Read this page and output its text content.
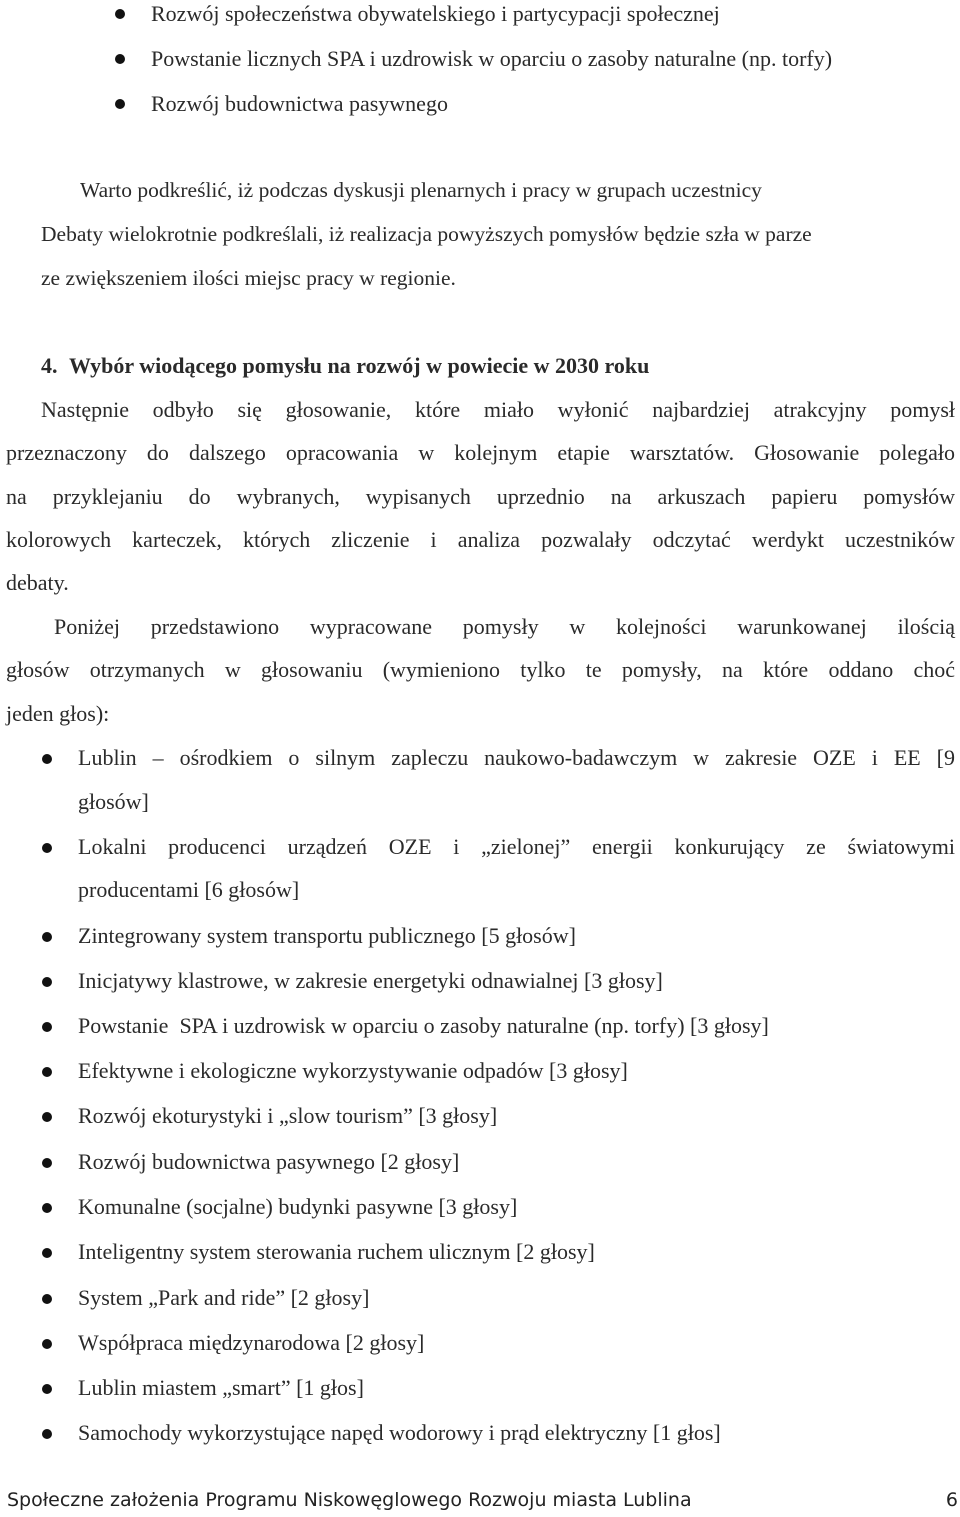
Rozwój społeczeństwa obywatelskiego i partycypacji społecznej
Powstanie licznych SPA i uzdrowisk w oparciu o zasoby naturalne (np. torfy)
Rozwój budownictwa pasywnego
Warto podkreślić, iż podczas dyskusji plenarnych i pracy w grupach uczestnicy
Debaty wielokrotnie podkreślali, iż realizacja powyższych pomysłów będzie szła w parze
ze zwiększeniem ilości miejsc pracy w regionie.
4. Wybór wiodącego pomysłu na rozwój w powiecie w 2030 roku
Następnie odbyło się głosowanie, które miało wyłonić najbardziej atrakcyjny pomysł
przeznaczony do dalszego opracowania w kolejnym etapie warsztatów. Głosowanie polegało
na przyklejaniu do wybranych, wypisanych uprzednio na arkuszach papieru pomysłów
kolorowych karteczek, których zliczenie i analiza pozwalały odczytać werdykt uczestników
debaty.
Poniżej przedstawiono wypracowane pomysły w kolejności warunkowanej ilością
głosów otrzymanych w głosowaniu (wymieniono tylko te pomysły, na które oddano choć
jeden głos):
Lublin – ośrodkiem o silnym zapleczu naukowo-badawczym w zakresie OZE i EE [9
głosów]
Lokalni producenci urządzeń OZE i „zielonej” energii konkurujący ze światowymi
producentami [6 głosów]
Zintegrowany system transportu publicznego [5 głosów]
Inicjatywy klastrowe, w zakresie energetyki odnawialnej [3 głosy]
Powstanie  SPA i uzdrowisk w oparciu o zasoby naturalne (np. torfy) [3 głosy]
Efektywne i ekologiczne wykorzystywanie odpadów [3 głosy]
Rozwój ekoturystyki i „slow tourism” [3 głosy]
Rozwój budownictwa pasywnego [2 głosy]
Komunalne (socjalne) budynki pasywne [3 głosy]
Inteligentny system sterowania ruchem ulicznym [2 głosy]
System „Park and ride” [2 głosy]
Współpraca międzynarodowa [2 głosy]
Lublin miastem „smart” [1 głos]
Samochody wykorzystujące napęd wodorowy i prąd elektryczny [1 głos]
Społeczne założenia Programu Niskowęglowego Rozwoju miasta Lublina	6
